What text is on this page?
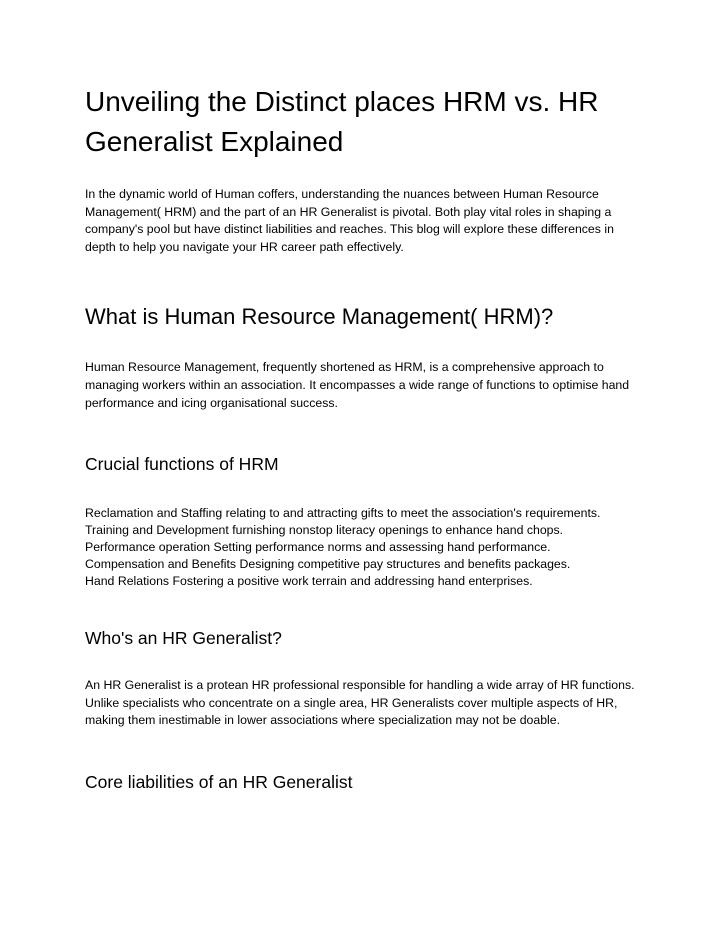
Unveiling the Distinct places HRM vs. HR Generalist Explained

In the dynamic world of Human coffers, understanding the nuances between Human Resource Management( HRM) and the part of an HR Generalist is pivotal. Both play vital roles in shaping a company's pool but have distinct liabilities and reaches. This blog will explore these differences in depth to help you navigate your HR career path effectively.

What is Human Resource Management( HRM)?

Human Resource Management, frequently shortened as HRM, is a comprehensive approach to managing workers within an association. It encompasses a wide range of functions to optimise hand performance and icing organisational success.

Crucial functions of HRM
Reclamation and Staffing relating to and attracting gifts to meet the association's requirements.
Training and Development furnishing nonstop literacy openings to enhance hand chops.
Performance operation Setting performance norms and assessing hand performance.
Compensation and Benefits Designing competitive pay structures and benefits packages.
Hand Relations Fostering a positive work terrain and addressing hand enterprises.
Who's an HR Generalist?

An HR Generalist is a protean HR professional responsible for handling a wide array of HR functions. Unlike specialists who concentrate on a single area, HR Generalists cover multiple aspects of HR, making them inestimable in lower associations where specialization may not be doable.

Core liabilities of an HR Generalist
